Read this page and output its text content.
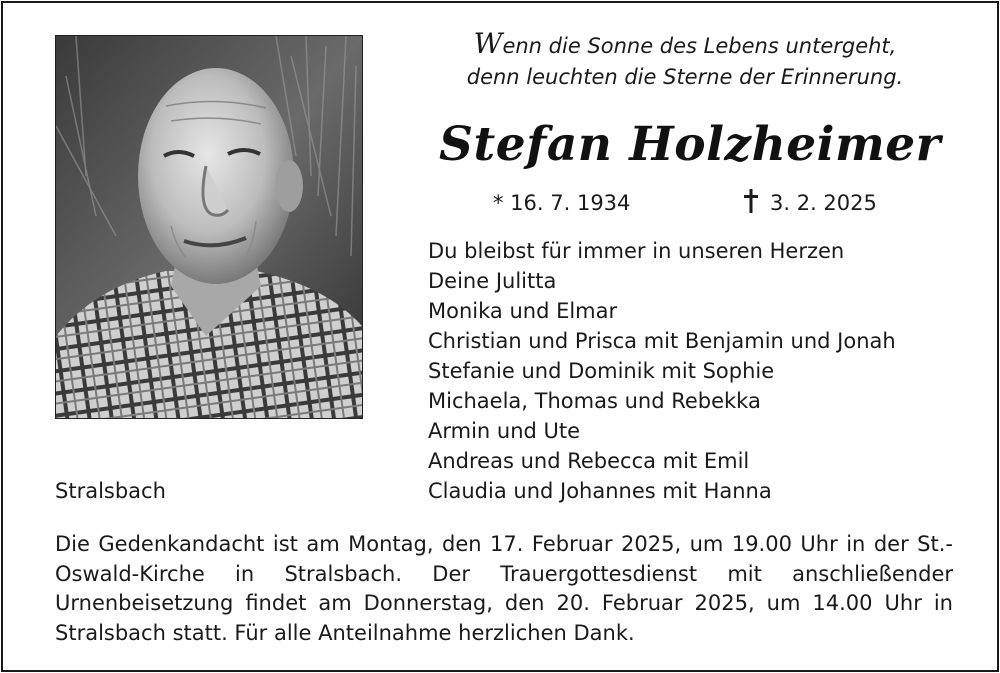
Wenn die Sonne des Lebens untergeht,
denn leuchten die Sterne der Erinnerung.
Stefan Holzheimer
* 16. 7. 1934	3. 2. 2025
Du bleibst für immer in unseren Herzen
Deine Julitta
Monika und Elmar
Christian und Prisca mit Benjamin und Jonah
Stefanie und Dominik mit Sophie
Michaela, Thomas und Rebekka
Armin und Ute
Andreas und Rebecca mit Emil
Claudia und Johannes mit Hanna
Stralsbach
Die Gedenkandacht ist am Montag, den 17. Februar 2025, um 19.00 Uhr in der St.-Oswald-Kirche in Stralsbach. Der Trauergottesdienst mit anschließender Urnenbeisetzung findet am Donnerstag, den 20. Februar 2025, um 14.00 Uhr in Stralsbach statt. Für alle Anteilnahme herzlichen Dank.
